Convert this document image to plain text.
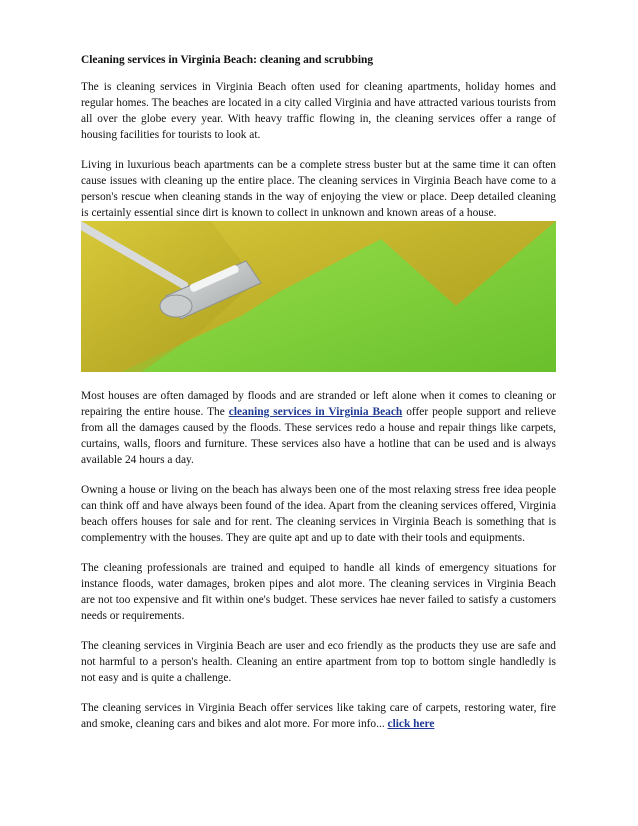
Cleaning services in Virginia Beach: cleaning and scrubbing

The is cleaning services in Virginia Beach often used for cleaning apartments, holiday homes and regular homes. The beaches are located in a city called Virginia and have attracted various tourists from all over the globe every year. With heavy traffic flowing in, the cleaning services offer a range of housing facilities for tourists to look at.

Living in luxurious beach apartments can be a complete stress buster but at the same time it can often cause issues with cleaning up the entire place. The cleaning services in Virginia Beach have come to a person's rescue when cleaning stands in the way of enjoying the view or place. Deep detailed cleaning is certainly essential since dirt is known to collect in unknown and known areas of a house.

Most houses are often damaged by floods and are stranded or left alone when it comes to cleaning or repairing the entire house. The cleaning services in Virginia Beach offer people support and relieve from all the damages caused by the floods. These services redo a house and repair things like carpets, curtains, walls, floors and furniture. These services also have a hotline that can be used and is always available 24 hours a day.

Owning a house or living on the beach has always been one of the most relaxing stress free idea people can think off and have always been found of the idea. Apart from the cleaning services offered, Virginia beach offers houses for sale and for rent. The cleaning services in Virginia Beach is something that is complementry with the houses. They are quite apt and up to date with their tools and equipments.

The cleaning professionals are trained and equiped to handle all kinds of emergency situations for instance floods, water damages, broken pipes and alot more. The cleaning services in Virginia Beach are not too expensive and fit within one's budget. These services hae never failed to satisfy a customers needs or requirements.

The cleaning services in Virginia Beach are user and eco friendly as the products they use are safe and not harmful to a person's health. Cleaning an entire apartment from top to bottom single handledly is not easy and is quite a challenge.

The cleaning services in Virginia Beach offer services like taking care of carpets, restoring water, fire and smoke, cleaning cars and bikes and alot more. For more info... click here
